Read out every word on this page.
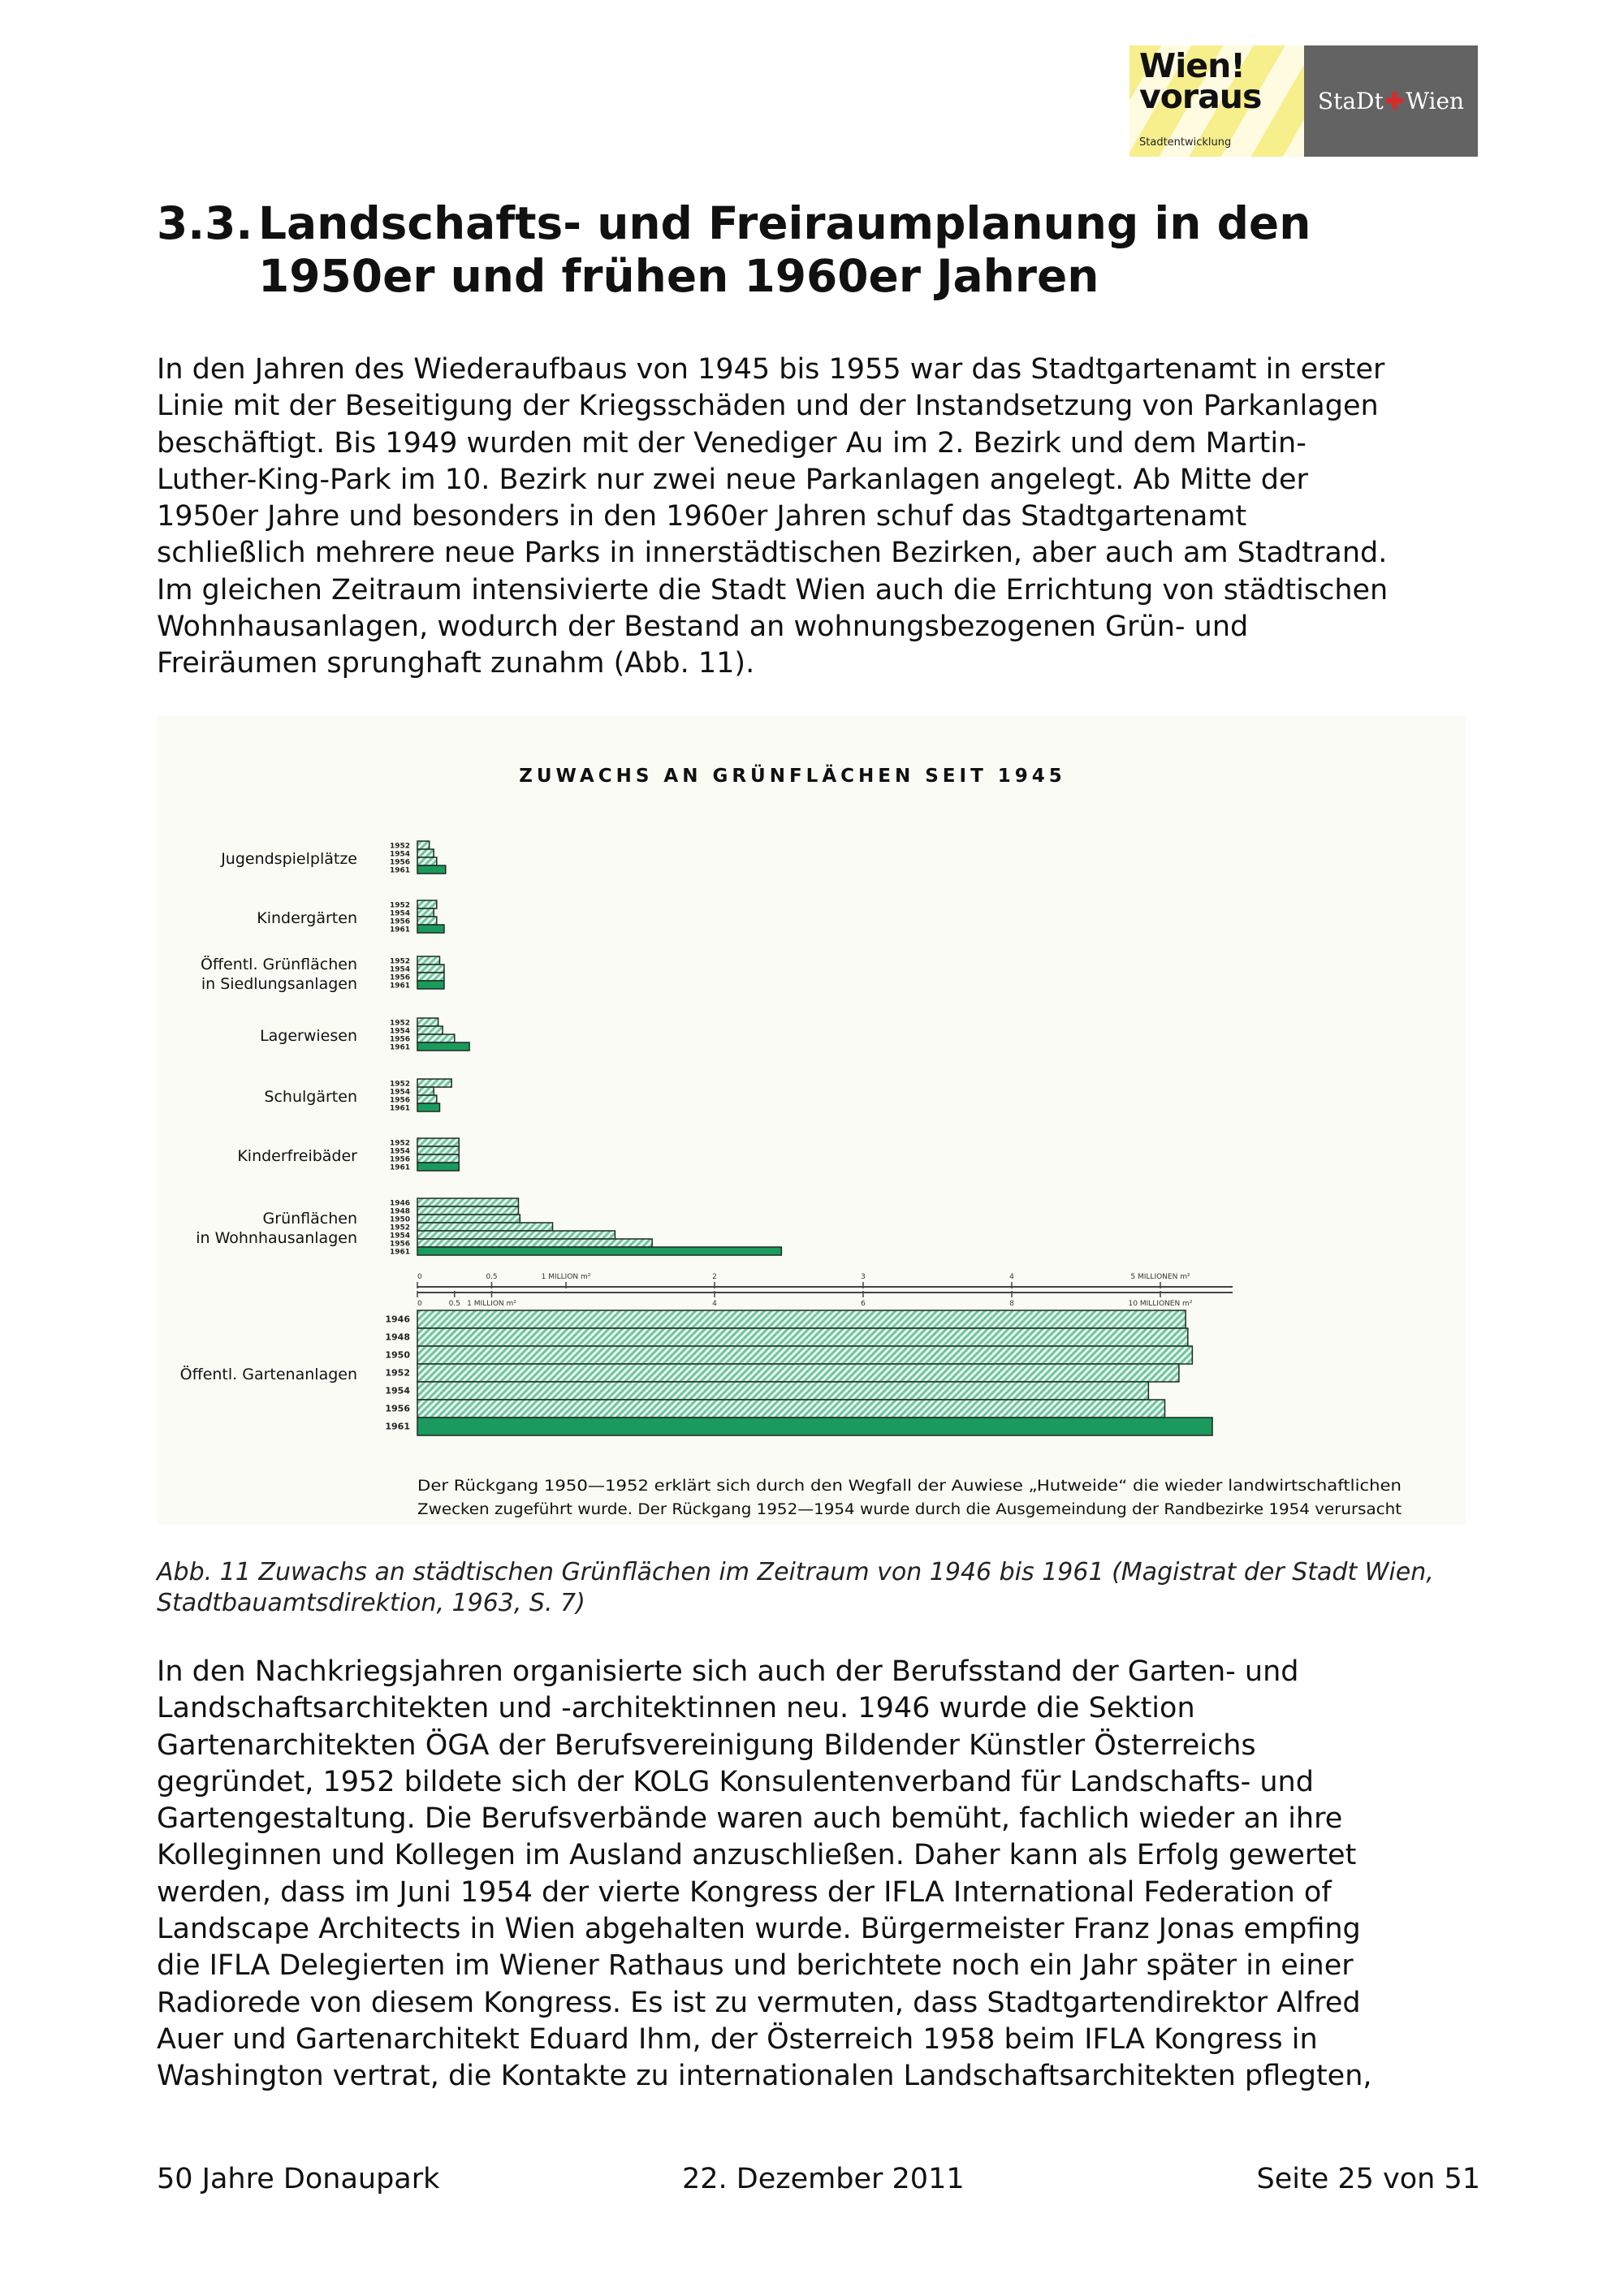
Wien!
voraus
Stadtentwicklung
StaDt ✚ Wien
3.3. Landschafts- und Freiraumplanung in den
1950er und frühen 1960er Jahren
In den Jahren des Wiederaufbaus von 1945 bis 1955 war das Stadtgartenamt in erster
Linie mit der Beseitigung der Kriegsschäden und der Instandsetzung von Parkanlagen
beschäftigt. Bis 1949 wurden mit der Venediger Au im 2. Bezirk und dem Martin-
Luther-King-Park im 10. Bezirk nur zwei neue Parkanlagen angelegt. Ab Mitte der
1950er Jahre und besonders in den 1960er Jahren schuf das Stadtgartenamt
schließlich mehrere neue Parks in innerstädtischen Bezirken, aber auch am Stadtrand.
Im gleichen Zeitraum intensivierte die Stadt Wien auch die Errichtung von städtischen
Wohnhausanlagen, wodurch der Bestand an wohnungsbezogenen Grün- und
Freiräumen sprunghaft zunahm (Abb. 11).
ZUWACHS AN GRÜNFLÄCHEN SEIT 1945
Jugendspielplätze
1952
1954
1956
1961
Kindergärten
1952
1954
1956
1961
Öffentl. Grünflächen
in Siedlungsanlagen
1952
1954
1956
1961
Lagerwiesen
1952
1954
1956
1961
Schulgärten
1952
1954
1956
1961
Kinderfreibäder
1952
1954
1956
1961
Grünflächen
in Wohnhausanlagen
1946
1948
1950
1952
1954
1956
1961
Öffentl. Gartenanlagen
1946
1948
1950
1952
1954
1956
1961
0	0.5	1 MILLION m²	2	3	4	5 MILLIONEN m²
0	0.5 1 MILLION m²	4	6	8	10 MILLIONEN m²
Der Rückgang 1950—1952 erklärt sich durch den Wegfall der Auwiese „Hutweide“ die wieder landwirtschaftlichen
Zwecken zugeführt wurde. Der Rückgang 1952—1954 wurde durch die Ausgemeindung der Randbezirke 1954 verursacht
Abb. 11 Zuwachs an städtischen Grünflächen im Zeitraum von 1946 bis 1961 (Magistrat der Stadt Wien,
Stadtbauamtsdirektion, 1963, S. 7)
In den Nachkriegsjahren organisierte sich auch der Berufsstand der Garten- und
Landschaftsarchitekten und -architektinnen neu. 1946 wurde die Sektion
Gartenarchitekten ÖGA der Berufsvereinigung Bildender Künstler Österreichs
gegründet, 1952 bildete sich der KOLG Konsulentenverband für Landschafts- und
Gartengestaltung. Die Berufsverbände waren auch bemüht, fachlich wieder an ihre
Kolleginnen und Kollegen im Ausland anzuschließen. Daher kann als Erfolg gewertet
werden, dass im Juni 1954 der vierte Kongress der IFLA International Federation of
Landscape Architects in Wien abgehalten wurde. Bürgermeister Franz Jonas empfing
die IFLA Delegierten im Wiener Rathaus und berichtete noch ein Jahr später in einer
Radiorede von diesem Kongress. Es ist zu vermuten, dass Stadtgartendirektor Alfred
Auer und Gartenarchitekt Eduard Ihm, der Österreich 1958 beim IFLA Kongress in
Washington vertrat, die Kontakte zu internationalen Landschaftsarchitekten pflegten,
50 Jahre Donaupark	22. Dezember 2011	Seite 25 von 51
